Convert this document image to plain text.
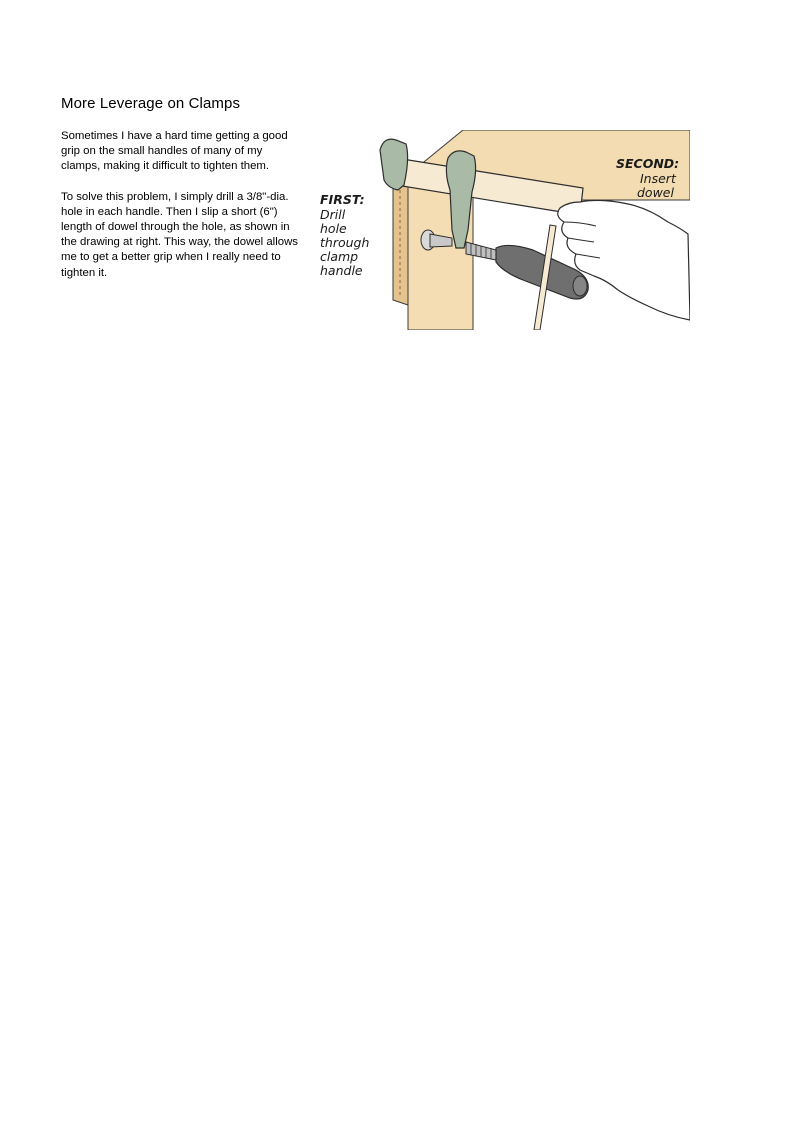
More Leverage on Clamps

Sometimes I have a hard time getting a good grip on the small handles of many of my clamps, making it difficult to tighten them.

To solve this problem, I simply drill a 3/8"-dia. hole in each handle. Then I slip a short (6") length of dowel through the hole, as shown in the drawing at right. This way, the dowel allows me to get a better grip when I really need to tighten it.

FIRST:
Drill
hole
through
clamp
handle
SECOND:
Insert
dowel
